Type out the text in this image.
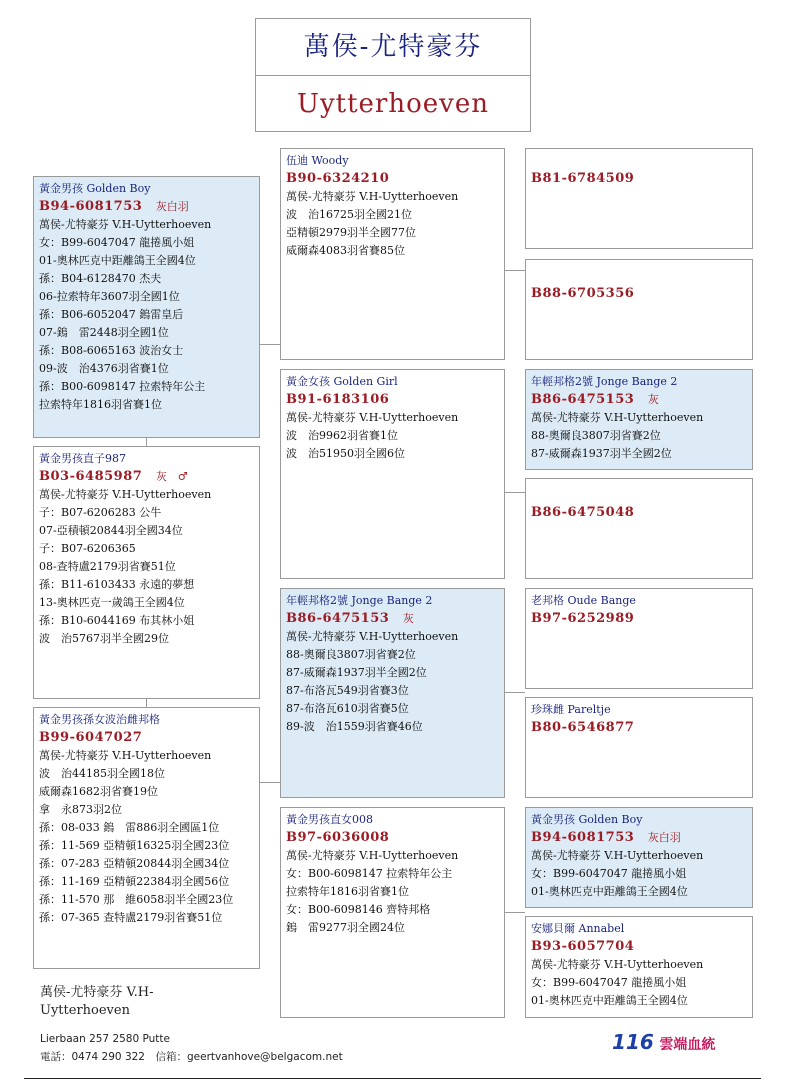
萬侯-尤特豪芬
Uytterhoeven
黃金男孩 Golden Boy
B94-6081753　 灰白羽
萬侯-尤特豪芬 V.H-Uytterhoeven
女：B99-6047047 龍捲風小姐
01-奧林匹克中距離鴿王全國4位
孫：B04-6128470 杰夫
06-拉索特年3607羽全國1位
孫：B06-6052047 鎢雷皇后
07-鎢　雷2448羽全國1位
孫：B08-6065163 波治女士
09-波　治4376羽省賽1位
孫：B00-6098147 拉索特年公主
拉索特年1816羽省賽1位
黃金男孩直子987
B03-6485987　 灰　♂
萬侯-尤特豪芬 V.H-Uytterhoeven
子：B07-6206283 公牛
07-亞積頓20844羽全國34位
子：B07-6206365
08-查特盧2179羽省賽51位
孫：B11-6103433 永遠的夢想
13-奧林匹克一歲鴿王全國4位
孫：B10-6044169 布其林小姐
波　治5767羽半全國29位
黃金男孩孫女波治雌邦格
B99-6047027
萬侯-尤特豪芬 V.H-Uytterhoeven
波　治44185羽全國18位
威爾森1682羽省賽19位
拿　永873羽2位
孫：08-033 鎢　雷886羽全國區1位
孫：11-569 亞精頓16325羽全國23位
孫：07-283 亞精頓20844羽全國34位
孫：11-169 亞精頓22384羽全國56位
孫：11-570 那　維6058羽半全國23位
孫：07-365 查特盧2179羽省賽51位
伍迪 Woody
B90-6324210
萬侯-尤特豪芬 V.H-Uytterhoeven
波　治16725羽全國21位
亞精頓2979羽半全國77位
威爾森4083羽省賽85位
黃金女孩 Golden Girl
B91-6183106
萬侯-尤特豪芬 V.H-Uytterhoeven
波　治9962羽省賽1位
波　治51950羽全國6位
年輕邦格2號 Jonge Bange 2
B86-6475153　 灰
萬侯-尤特豪芬 V.H-Uytterhoeven
88-奧爾良3807羽省賽2位
87-威爾森1937羽半全國2位
87-布洛瓦549羽省賽3位
87-布洛瓦610羽省賽5位
89-波　治1559羽省賽46位
黃金男孩直女008
B97-6036008
萬侯-尤特豪芬 V.H-Uytterhoeven
女：B00-6098147 拉索特年公主
拉索特年1816羽省賽1位
女：B00-6098146 齊特邦格
鎢　雷9277羽全國24位
B81-6784509
B88-6705356
年輕邦格2號 Jonge Bange 2
B86-6475153　 灰
萬侯-尤特豪芬 V.H-Uytterhoeven
88-奧爾良3807羽省賽2位
87-威爾森1937羽半全國2位
B86-6475048
老邦格 Oude Bange
B97-6252989
珍珠雌 Pareltje
B80-6546877
黃金男孩 Golden Boy
B94-6081753　 灰白羽
萬侯-尤特豪芬 V.H-Uytterhoeven
女：B99-6047047 龍捲風小姐
01-奧林匹克中距離鴿王全國4位
安娜貝爾 Annabel
B93-6057704
萬侯-尤特豪芬 V.H-Uytterhoeven
女：B99-6047047 龍捲風小姐
01-奧林匹克中距離鴿王全國4位
萬侯-尤特豪芬 V.H-Uytterhoeven
Lierbaan 257 2580 Putte
電話：0474 290 322　信箱：geertvanhove@belgacom.net
116 雲端血統
